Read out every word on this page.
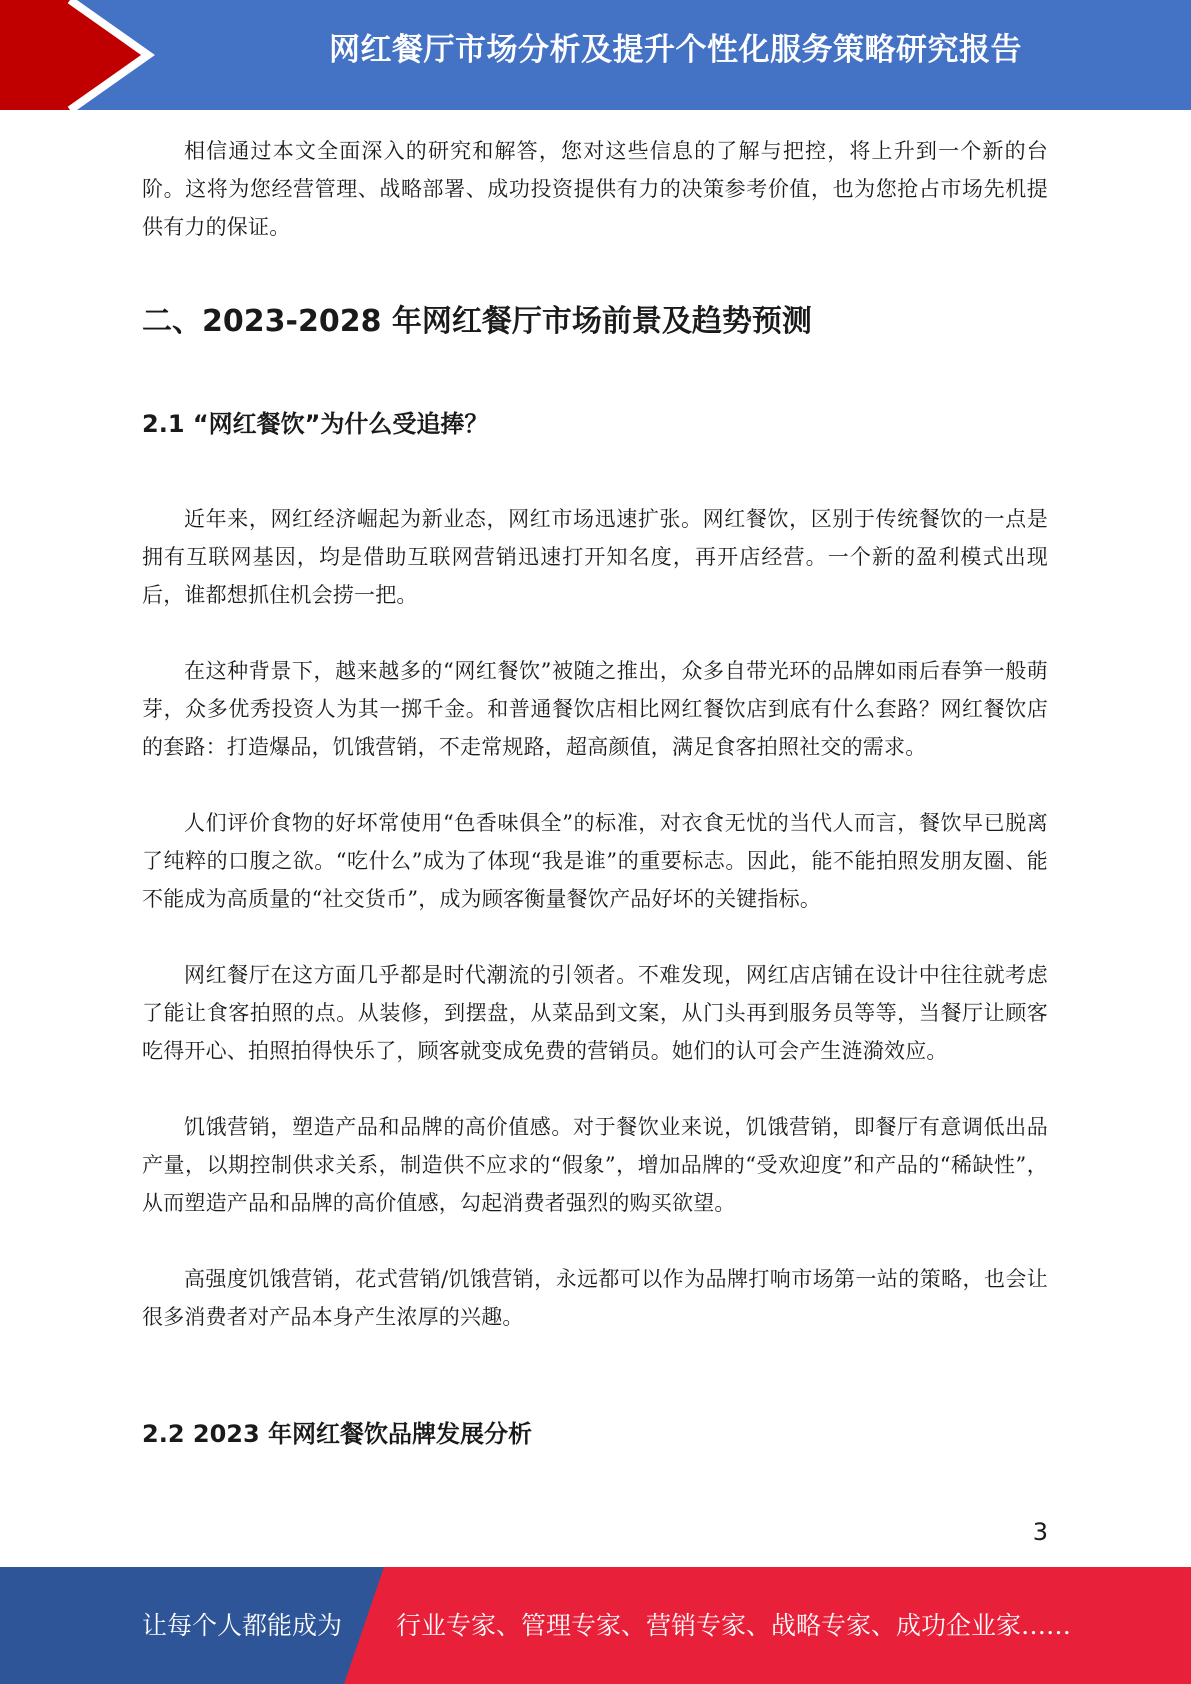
网红餐厅市场分析及提升个性化服务策略研究报告

相信通过本文全面深入的研究和解答，您对这些信息的了解与把控，将上升到一个新的台阶。这将为您经营管理、战略部署、成功投资提供有力的决策参考价值，也为您抢占市场先机提供有力的保证。

二、2023-2028 年网红餐厅市场前景及趋势预测
2.1 “网红餐饮”为什么受追捧？

近年来，网红经济崛起为新业态，网红市场迅速扩张。网红餐饮，区别于传统餐饮的一点是拥有互联网基因，均是借助互联网营销迅速打开知名度，再开店经营。一个新的盈利模式出现后，谁都想抓住机会捞一把。

在这种背景下，越来越多的“网红餐饮”被随之推出，众多自带光环的品牌如雨后春笋一般萌芽，众多优秀投资人为其一掷千金。和普通餐饮店相比网红餐饮店到底有什么套路？网红餐饮店的套路：打造爆品，饥饿营销，不走常规路，超高颜值，满足食客拍照社交的需求。

人们评价食物的好坏常使用“色香味俱全”的标准，对衣食无忧的当代人而言，餐饮早已脱离了纯粹的口腹之欲。“吃什么”成为了体现“我是谁”的重要标志。因此，能不能拍照发朋友圈、能不能成为高质量的“社交货币”，成为顾客衡量餐饮产品好坏的关键指标。

网红餐厅在这方面几乎都是时代潮流的引领者。不难发现，网红店店铺在设计中往往就考虑了能让食客拍照的点。从装修，到摆盘，从菜品到文案，从门头再到服务员等等，当餐厅让顾客吃得开心、拍照拍得快乐了，顾客就变成免费的营销员。她们的认可会产生涟漪效应。

饥饿营销，塑造产品和品牌的高价值感。对于餐饮业来说，饥饿营销，即餐厅有意调低出品产量，以期控制供求关系，制造供不应求的“假象”，增加品牌的“受欢迎度”和产品的“稀缺性”，从而塑造产品和品牌的高价值感，勾起消费者强烈的购买欲望。

高强度饥饿营销，花式营销/饥饿营销，永远都可以作为品牌打响市场第一站的策略，也会让很多消费者对产品本身产生浓厚的兴趣。

2.2 2023 年网红餐饮品牌发展分析
3
让每个人都能成为 行业专家、管理专家、营销专家、战略专家、成功企业家……
